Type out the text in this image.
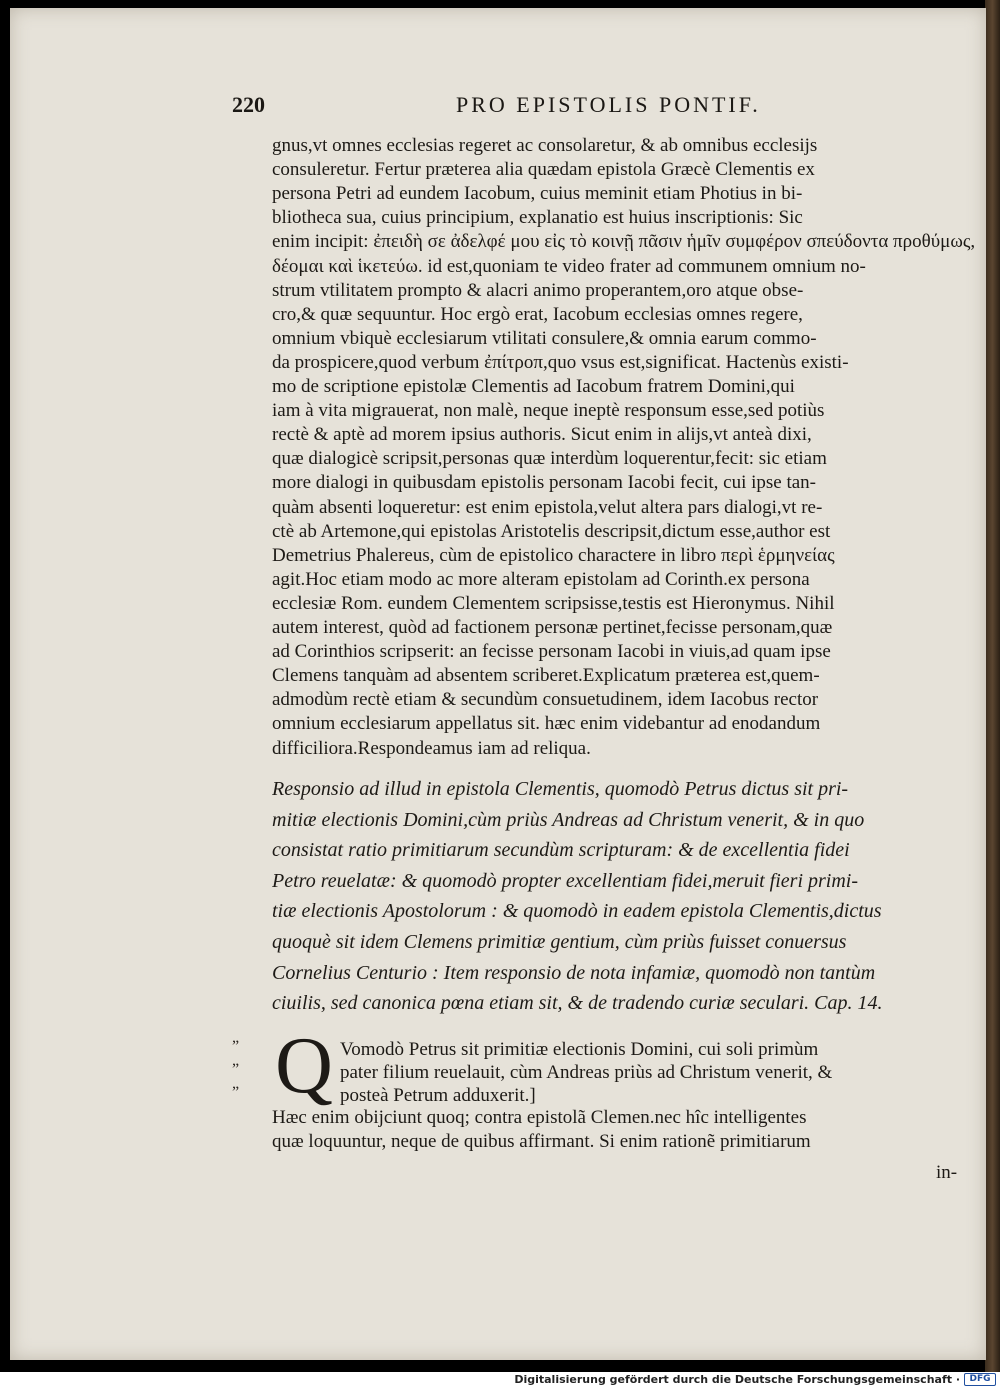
220	PRO EPISTOLIS PONTIF.
gnus,vt omnes ecclesias regeret ac consolaretur, & ab omnibus ecclesijs
consuleretur. Fertur præterea alia quædam epistola Græcè Clementis ex
persona Petri ad eundem Iacobum, cuius meminit etiam Photius in bi-
bliotheca sua, cuius principium, explanatio est huius inscriptionis: Sic
enim incipit: ἐπειδὴ σε ἀδελφέ μου εἰς τὸ κοινῇ πᾶσιν ἡμῖν συμφέρον σπεύδοντα προθύμως,
δέομαι καὶ ἱκετεύω. id est,quoniam te video frater ad communem omnium no-
strum vtilitatem prompto & alacri animo properantem,oro atque obse-
cro,& quæ sequuntur. Hoc ergò erat, Iacobum ecclesias omnes regere,
omnium vbiquè ecclesiarum vtilitati consulere,& omnia earum commo-
da prospicere,quod verbum ἐπίτροπ,quo vsus est,significat. Hactenùs existi-
mo de scriptione epistolæ Clementis ad Iacobum fratrem Domini,qui
iam à vita migrauerat, non malè, neque ineptè responsum esse,sed potiùs
rectè & aptè ad morem ipsius authoris. Sicut enim in alijs,vt anteà dixi,
quæ dialogicè scripsit,personas quæ interdùm loquerentur,fecit: sic etiam
more dialogi in quibusdam epistolis personam Iacobi fecit, cui ipse tan-
quàm absenti loqueretur: est enim epistola,velut altera pars dialogi,vt re-
ctè ab Artemone,qui epistolas Aristotelis descripsit,dictum esse,author est
Demetrius Phalereus, cùm de epistolico charactere in libro περὶ ἑρμηνείας
agit.Hoc etiam modo ac more alteram epistolam ad Corinth.ex persona
ecclesiæ Rom. eundem Clementem scripsisse,testis est Hieronymus. Nihil
autem interest, quòd ad factionem personæ pertinet,fecisse personam,quæ
ad Corinthios scripserit: an fecisse personam Iacobi in viuis,ad quam ipse
Clemens tanquàm ad absentem scriberet.Explicatum præterea est,quem-
admodùm rectè etiam & secundùm consuetudinem, idem Iacobus rector
omnium ecclesiarum appellatus sit. hæc enim videbantur ad enodandum
difficiliora.Respondeamus iam ad reliqua.
Responsio ad illud in epistola Clementis, quomodò Petrus dictus sit pri-
mitiæ electionis Domini,cùm priùs Andreas ad Christum venerit, & in quo
consistat ratio primitiarum secundùm scripturam: & de excellentia fidei
Petro reuelatæ: & quomodò propter excellentiam fidei,meruit fieri primi-
tiæ electionis Apostolorum : & quomodò in eadem epistola Clementis,dictus
quoquè sit idem Clemens primitiæ gentium, cùm priùs fuisset conuersus
Cornelius Centurio : Item responsio de nota infamiæ, quomodò non tantùm
ciuilis, sed canonica pœna etiam sit, & de tradendo curiæ seculari. Cap. 14.
Q Vomodò Petrus sit primitiæ electionis Domini, cui soli primùm
pater filium reuelauit, cùm Andreas priùs ad Christum venerit, &
posteà Petrum adduxerit.]
”
”
”
Hæc enim obijciunt quoq; contra epistolã Clemen.nec hîc intelligentes
quæ loquuntur, neque de quibus affirmant. Si enim rationẽ primitiarum
in-
Digitalisierung gefördert durch die Deutsche Forschungsgemeinschaft ·	DFG
